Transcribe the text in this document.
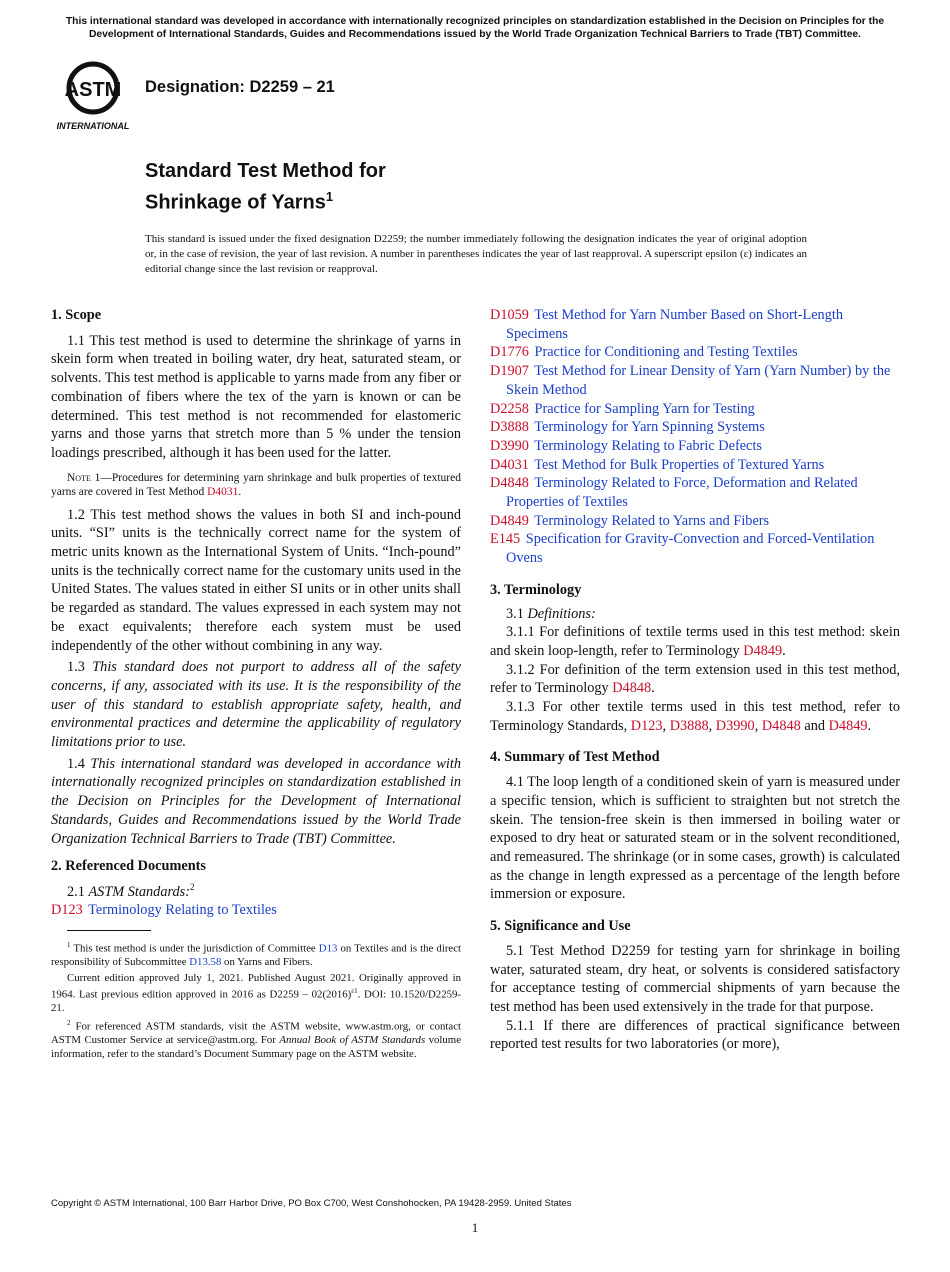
This international standard was developed in accordance with internationally recognized principles on standardization established in the Decision on Principles for the Development of International Standards, Guides and Recommendations issued by the World Trade Organization Technical Barriers to Trade (TBT) Committee.
ASTM
INTERNATIONAL
Designation: D2259 – 21
Standard Test Method for
Shrinkage of Yarns$^1$
This standard is issued under the fixed designation D2259; the number immediately following the designation indicates the year of original adoption or, in the case of revision, the year of last revision. A number in parentheses indicates the year of last reapproval. A superscript epsilon (ε) indicates an editorial change since the last revision or reapproval.
1. Scope

1.1 This test method is used to determine the shrinkage of yarns in skein form when treated in boiling water, dry heat, saturated steam, or solvents. This test method is applicable to yarns made from any fiber or combination of fibers where the tex of the yarn is known or can be determined. This test method is not recommended for elastomeric yarns and those yarns that stretch more than 5 % under the tension loadings prescribed, although it has been used for the latter.

Note 1—Procedures for determining yarn shrinkage and bulk properties of textured yarns are covered in Test Method D4031.

1.2 This test method shows the values in both SI and inch-pound units. “SI” units is the technically correct name for the system of metric units known as the International System of Units. “Inch-pound” units is the technically correct name for the customary units used in the United States. The values stated in either SI units or in other units shall be regarded as standard. The values expressed in each system may not be exact equivalents; therefore each system must be used independently of the other without combining in any way.

1.3 This standard does not purport to address all of the safety concerns, if any, associated with its use. It is the responsibility of the user of this standard to establish appropriate safety, health, and environmental practices and determine the applicability of regulatory limitations prior to use.

1.4 This international standard was developed in accordance with internationally recognized principles on standardization established in the Decision on Principles for the Development of International Standards, Guides and Recommendations issued by the World Trade Organization Technical Barriers to Trade (TBT) Committee.

2. Referenced Documents

2.1 ASTM Standards:$^2$

D123 Terminology Relating to Textiles

$^1$ This test method is under the jurisdiction of Committee D13 on Textiles and is the direct responsibility of Subcommittee D13.58 on Yarns and Fibers.

Current edition approved July 1, 2021. Published August 2021. Originally approved in 1964. Last previous edition approved in 2016 as $D2259 - 02(2016)^{\varepsilon 1}$. DOI: 10.1520/D2259-21.

$^2$ For referenced ASTM standards, visit the ASTM website, www.astm.org, or contact ASTM Customer Service at service@astm.org. For Annual Book of ASTM Standards volume information, refer to the standard’s Document Summary page on the ASTM website.

D1059 Test Method for Yarn Number Based on Short-Length Specimens
D1776 Practice for Conditioning and Testing Textiles
D1907 Test Method for Linear Density of Yarn (Yarn Number) by the Skein Method
D2258 Practice for Sampling Yarn for Testing
D3888 Terminology for Yarn Spinning Systems
D3990 Terminology Relating to Fabric Defects
D4031 Test Method for Bulk Properties of Textured Yarns
D4848 Terminology Related to Force, Deformation and Related Properties of Textiles
D4849 Terminology Related to Yarns and Fibers
E145 Specification for Gravity-Convection and Forced-Ventilation Ovens
3. Terminology

3.1 Definitions:

3.1.1 For definitions of textile terms used in this test method: skein and skein loop-length, refer to Terminology D4849.

3.1.2 For definition of the term extension used in this test method, refer to Terminology D4848.

3.1.3 For other textile terms used in this test method, refer to Terminology Standards, D123, D3888, D3990, D4848 and D4849.

4. Summary of Test Method

4.1 The loop length of a conditioned skein of yarn is measured under a specific tension, which is sufficient to straighten but not stretch the skein. The tension-free skein is then immersed in boiling water or exposed to dry heat or saturated steam or in the solvent reconditioned, and remeasured. The shrinkage (or in some cases, growth) is calculated as the change in length expressed as a percentage of the length before immersion or exposure.

5. Significance and Use

5.1 Test Method D2259 for testing yarn for shrinkage in boiling water, saturated steam, dry heat, or solvents is considered satisfactory for acceptance testing of commercial shipments of yarn because the test method has been used extensively in the trade for that purpose.

5.1.1 If there are differences of practical significance between reported test results for two laboratories (or more),

Copyright © ASTM International, 100 Barr Harbor Drive, PO Box C700, West Conshohocken, PA 19428-2959. United States
1
